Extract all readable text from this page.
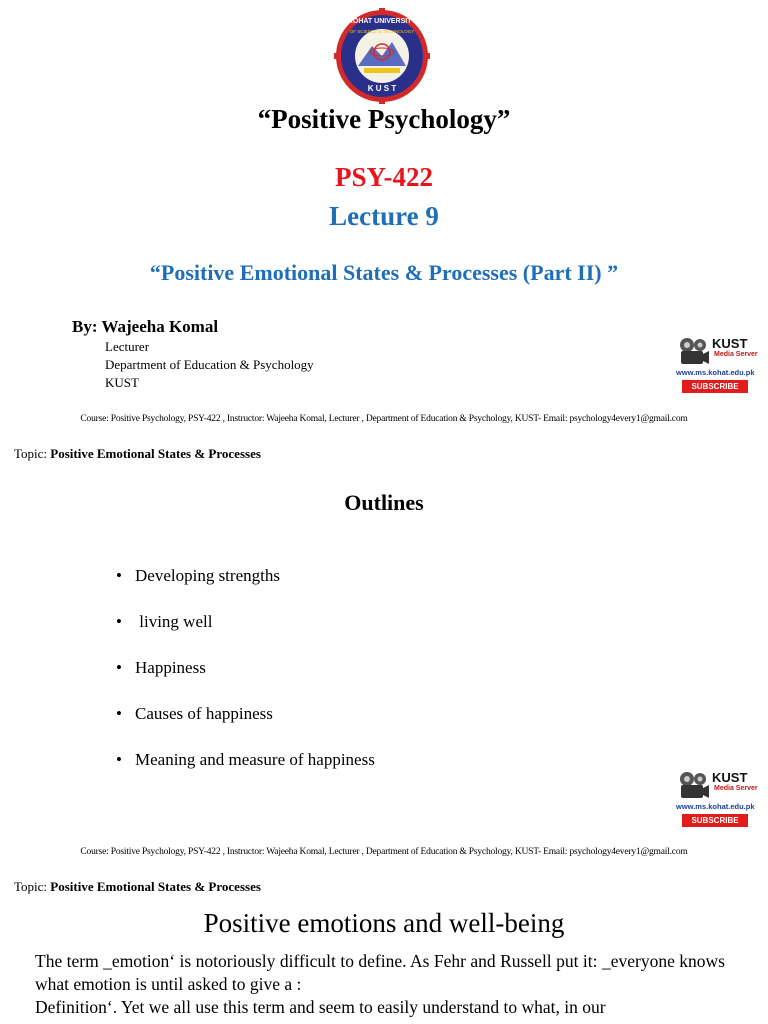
KOHAT UNIVERSITY
OF SCIENCE & TECHNOLOGY
K U S T
“Positive Psychology”
PSY-422
Lecture 9
“Positive Emotional States & Processes (Part II) ”
By: Wajeeha Komal
Lecturer
Department of Education & Psychology
KUST
KUST
Media Server
www.ms.kohat.edu.pk
SUBSCRIBE
Course: Positive Psychology, PSY-422 , Instructor: Wajeeha Komal, Lecturer , Department of Education & Psychology, KUST- Email: psychology4every1@gmail.com
Topic: Positive Emotional States & Processes
Outlines
• Developing strengths
• living well
• Happiness
• Causes of happiness
• Meaning and measure of happiness
KUST
Media Server
www.ms.kohat.edu.pk
SUBSCRIBE
Course: Positive Psychology, PSY-422 , Instructor: Wajeeha Komal, Lecturer , Department of Education & Psychology, KUST- Email: psychology4every1@gmail.com
Topic: Positive Emotional States & Processes
Positive emotions and well-being

The term _emotion‘ is notoriously difficult to define. As Fehr and Russell put it: _everyone knows what emotion is until asked to give a :

Definition‘. Yet we all use this term and seem to easily understand to what, in our
